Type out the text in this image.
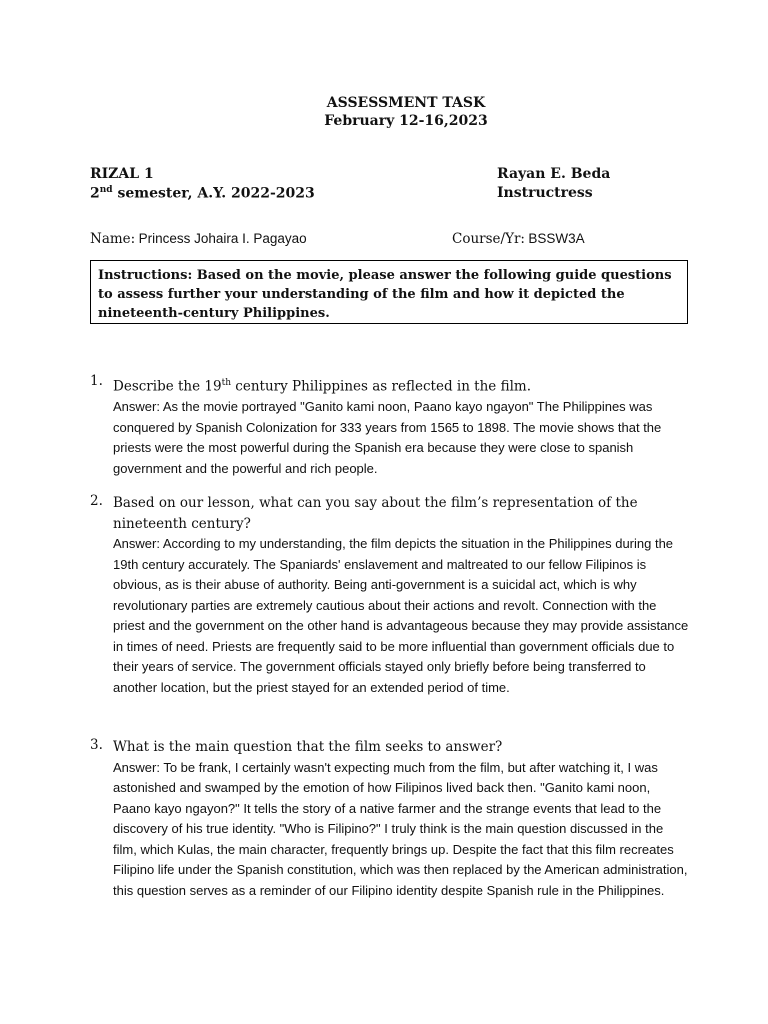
ASSESSMENT TASK
February 12-16,2023
RIZAL 1
2nd semester, A.Y. 2022-2023
Rayan E. Beda
Instructress
Name: Princess Johaira I. Pagayao	Course/Yr: BSSW3A
Instructions: Based on the movie, please answer the following guide questions to assess further your understanding of the film and how it depicted the nineteenth-century Philippines.
1. Describe the 19th century Philippines as reflected in the film.
Answer: As the movie portrayed "Ganito kami noon, Paano kayo ngayon" The Philippines was conquered by Spanish Colonization for 333 years from 1565 to 1898. The movie shows that the priests were the most powerful during the Spanish era because they were close to spanish government and the powerful and rich people.
2. Based on our lesson, what can you say about the film’s representation of the nineteenth century?
Answer: According to my understanding, the film depicts the situation in the Philippines during the 19th century accurately. The Spaniards' enslavement and maltreated to our fellow Filipinos is obvious, as is their abuse of authority. Being anti-government is a suicidal act, which is why revolutionary parties are extremely cautious about their actions and revolt. Connection with the priest and the government on the other hand is advantageous because they may provide assistance in times of need. Priests are frequently said to be more influential than government officials due to their years of service. The government officials stayed only briefly before being transferred to another location, but the priest stayed for an extended period of time.
3. What is the main question that the film seeks to answer?
Answer: To be frank, I certainly wasn't expecting much from the film, but after watching it, I was astonished and swamped by the emotion of how Filipinos lived back then. "Ganito kami noon, Paano kayo ngayon?" It tells the story of a native farmer and the strange events that lead to the discovery of his true identity. "Who is Filipino?" I truly think is the main question discussed in the film, which Kulas, the main character, frequently brings up. Despite the fact that this film recreates Filipino life under the Spanish constitution, which was then replaced by the American administration, this question serves as a reminder of our Filipino identity despite Spanish rule in the Philippines.
